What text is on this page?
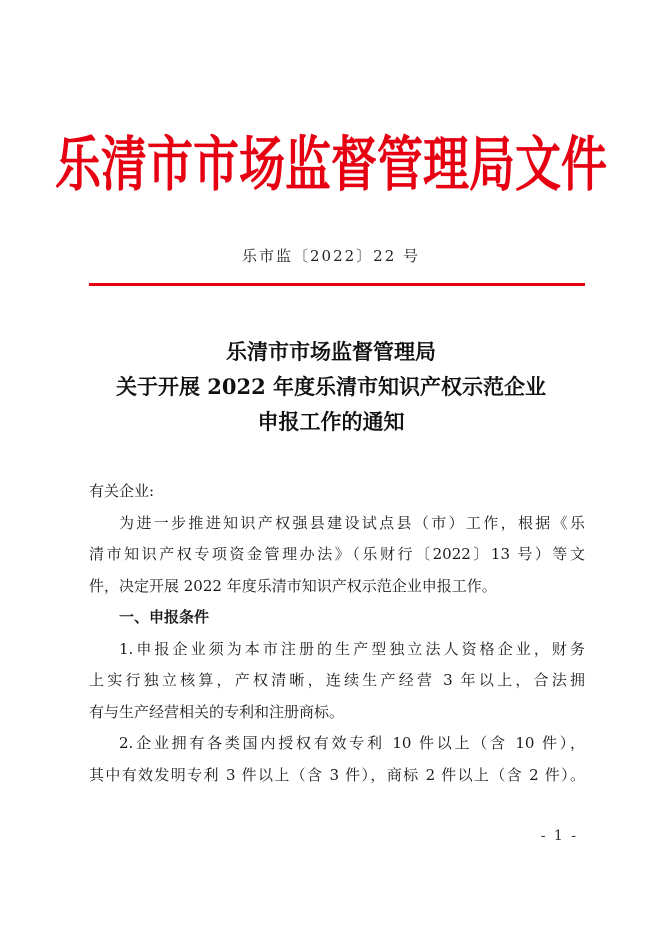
乐清市市场监督管理局文件
乐市监〔2022〕22 号
乐清市市场监督管理局
关于开展 2022 年度乐清市知识产权示范企业
申报工作的通知
有关企业:
为进一步推进知识产权强县建设试点县（市）工作，根据《乐
清市知识产权专项资金管理办法》（乐财行〔2022〕13 号）等文
件，决定开展 2022 年度乐清市知识产权示范企业申报工作。
一、申报条件
1.申报企业须为本市注册的生产型独立法人资格企业，财务
上实行独立核算，产权清晰，连续生产经营 3 年以上，合法拥
有与生产经营相关的专利和注册商标。
2.企业拥有各类国内授权有效专利 10 件以上（含 10 件），
其中有效发明专利 3 件以上（含 3 件），商标 2 件以上（含 2 件）。
- 1 -
